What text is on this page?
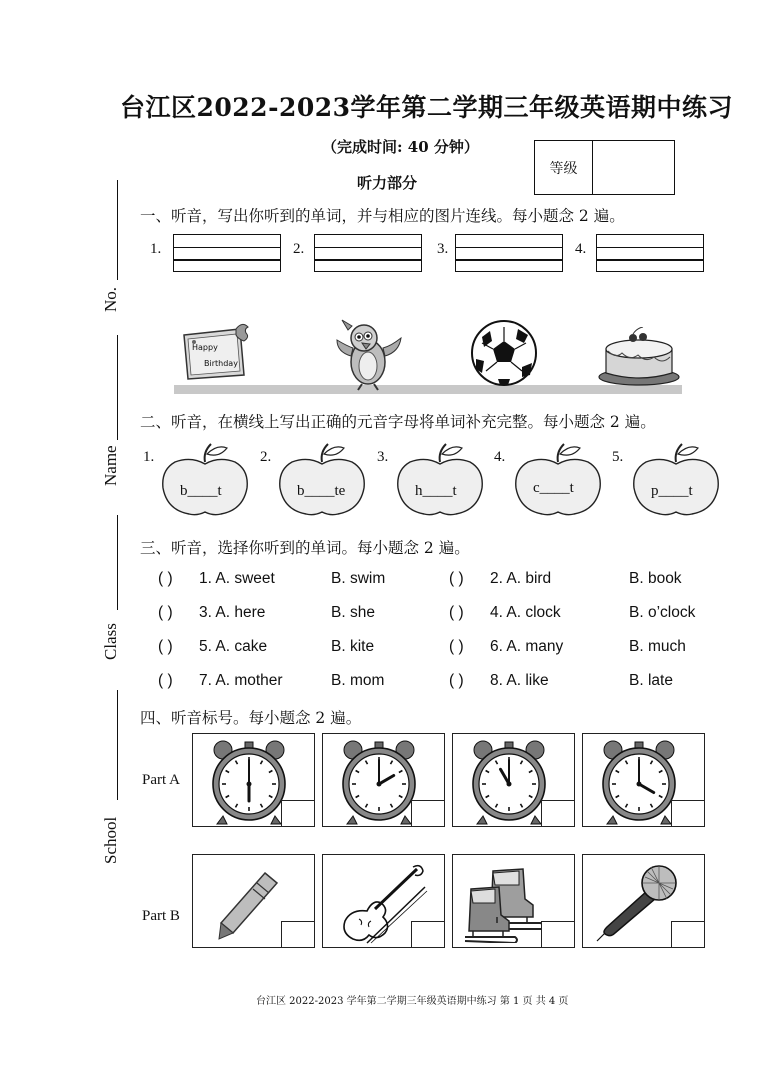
台江区2022-2023学年第二学期三年级英语期中练习
（完成时间: 40 分钟）
听力部分
等级
No.
Name
Class
School
一、听音，写出你听到的单词，并与相应的图片连线。每小题念 2 遍。
1.	2.	3.	4.
Happy
Birthday
二、听音，在横线上写出正确的元音字母将单词补充完整。每小题念 2 遍。
1.
b____t
2.
b____te
3.
h____t
4.
c____t
5.
p____t
三、听音，选择你听到的单词。每小题念 2 遍。
( ) 1. A. sweet	B. swim	( ) 2. A. bird	B. book
( ) 3. A. here	B. she	( ) 4. A. clock	B. o’clock
( ) 5. A. cake	B. kite	( ) 6. A. many	B. much
( ) 7. A. mother	B. mom	( ) 8. A. like	B. late
四、听音标号。每小题念 2 遍。
Part A
Part B
台江区 2022-2023 学年第二学期三年级英语期中练习 第 1 页 共 4 页
